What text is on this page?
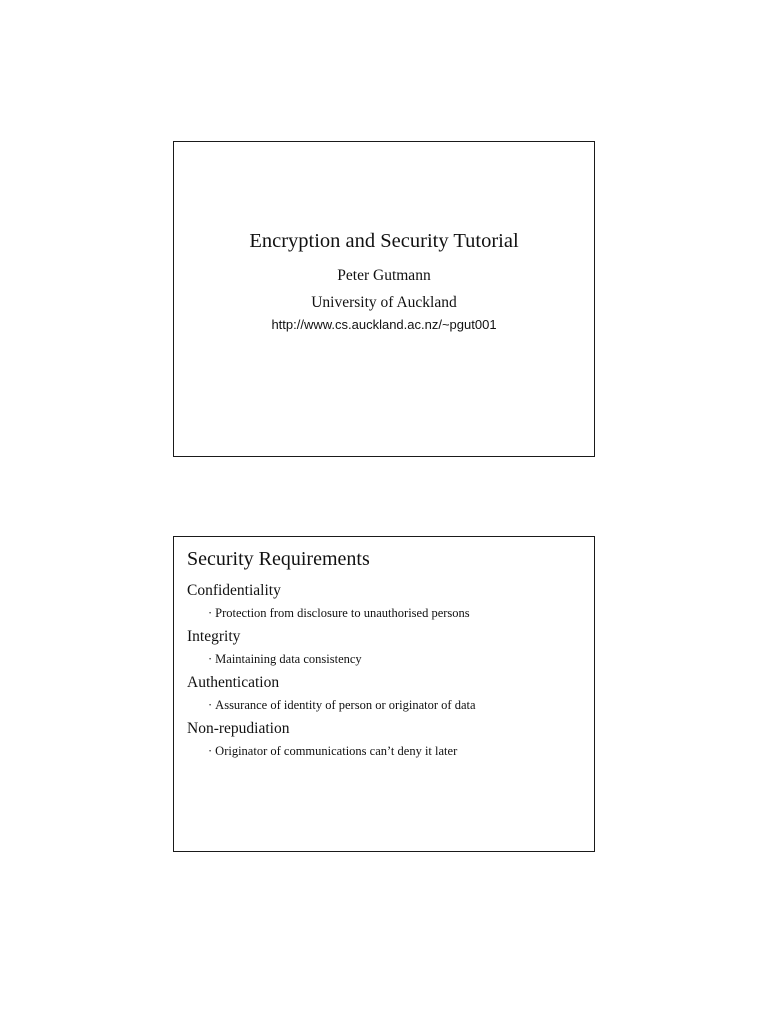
Encryption and Security Tutorial
Peter Gutmann
University of Auckland
http://www.cs.auckland.ac.nz/~pgut001
Security Requirements
Confidentiality
· Protection from disclosure to unauthorised persons
Integrity
· Maintaining data consistency
Authentication
· Assurance of identity of person or originator of data
Non-repudiation
· Originator of communications can’t deny it later
